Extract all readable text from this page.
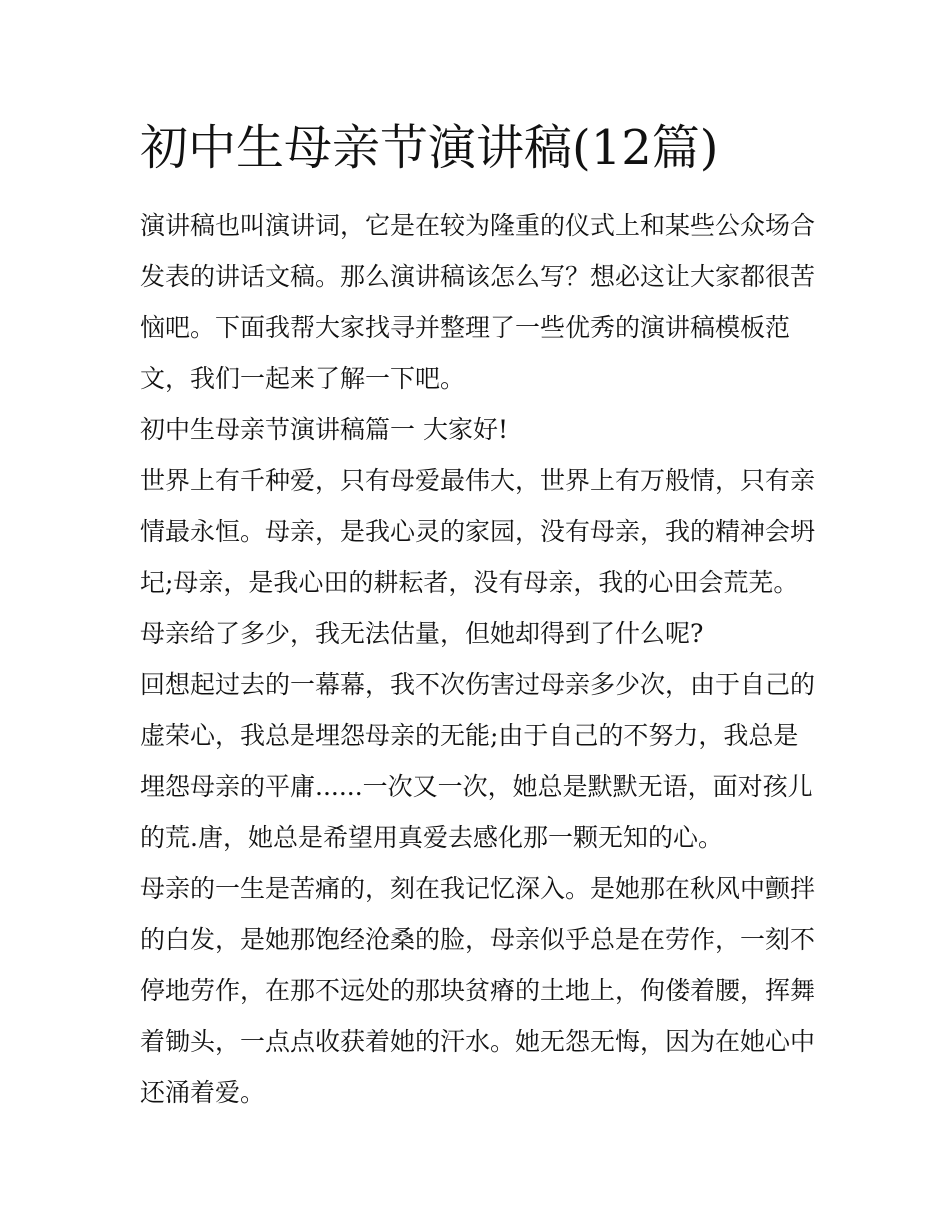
初中生母亲节演讲稿(12篇)
演讲稿也叫演讲词，它是在较为隆重的仪式上和某些公众场合
发表的讲话文稿。那么演讲稿该怎么写？想必这让大家都很苦
恼吧。下面我帮大家找寻并整理了一些优秀的演讲稿模板范
文，我们一起来了解一下吧。
初中生母亲节演讲稿篇一 大家好!
世界上有千种爱，只有母爱最伟大，世界上有万般情，只有亲
情最永恒。母亲，是我心灵的家园，没有母亲，我的精神会坍
圮;母亲，是我心田的耕耘者，没有母亲，我的心田会荒芜。
母亲给了多少，我无法估量，但她却得到了什么呢?
回想起过去的一幕幕，我不次伤害过母亲多少次，由于自己的
虚荣心，我总是埋怨母亲的无能;由于自己的不努力，我总是
埋怨母亲的平庸......一次又一次，她总是默默无语，面对孩儿
的荒.唐，她总是希望用真爱去感化那一颗无知的心。
母亲的一生是苦痛的，刻在我记忆深入。是她那在秋风中颤拌
的白发，是她那饱经沧桑的脸，母亲似乎总是在劳作，一刻不
停地劳作，在那不远处的那块贫瘠的土地上，佝偻着腰，挥舞
着锄头，一点点收获着她的汗水。她无怨无悔，因为在她心中
还涌着爱。
